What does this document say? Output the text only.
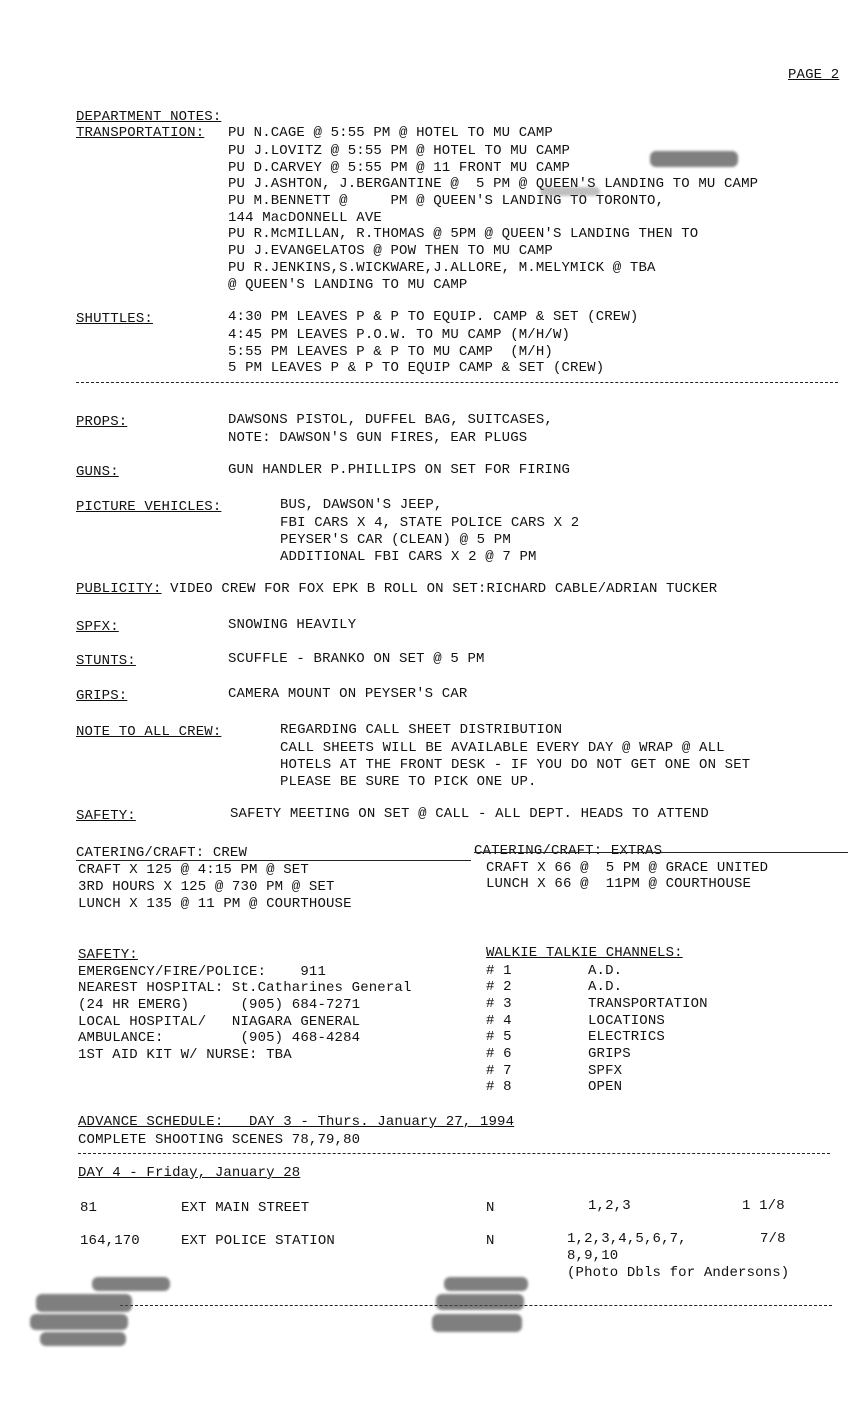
PAGE 2
DEPARTMENT NOTES:
TRANSPORTATION: PU N.CAGE @ 5:55 PM @ HOTEL TO MU CAMP
PU J.LOVITZ @ 5:55 PM @ HOTEL TO MU CAMP
PU D.CARVEY @ 5:55 PM @ 11 FRONT MU CAMP
PU J.ASHTON, J.BERGANTINE @  5 PM @ QUEEN'S LANDING TO MU CAMP
PU M.BENNETT @     PM @ QUEEN'S LANDING TO TORONTO,
144 MacDONNELL AVE
PU R.McMILLAN, R.THOMAS @ 5PM @ QUEEN'S LANDING THEN TO
PU J.EVANGELATOS @ POW THEN TO MU CAMP
PU R.JENKINS,S.WICKWARE,J.ALLORE, M.MELYMICK @ TBA
@ QUEEN'S LANDING TO MU CAMP
SHUTTLES:	4:30 PM LEAVES P & P TO EQUIP. CAMP & SET (CREW)
4:45 PM LEAVES P.O.W. TO MU CAMP (M/H/W)
5:55 PM LEAVES P & P TO MU CAMP  (M/H)
5 PM LEAVES P & P TO EQUIP CAMP & SET (CREW)
PROPS:	DAWSONS PISTOL, DUFFEL BAG, SUITCASES,
NOTE: DAWSON'S GUN FIRES, EAR PLUGS
GUNS:	GUN HANDLER P.PHILLIPS ON SET FOR FIRING
PICTURE VEHICLES:	BUS, DAWSON'S JEEP,
FBI CARS X 4, STATE POLICE CARS X 2
PEYSER'S CAR (CLEAN) @ 5 PM
ADDITIONAL FBI CARS X 2 @ 7 PM
PUBLICITY: VIDEO CREW FOR FOX EPK B ROLL ON SET:RICHARD CABLE/ADRIAN TUCKER
SPFX:	SNOWING HEAVILY
STUNTS:	SCUFFLE - BRANKO ON SET @ 5 PM
GRIPS:	CAMERA MOUNT ON PEYSER'S CAR
NOTE TO ALL CREW:	REGARDING CALL SHEET DISTRIBUTION
CALL SHEETS WILL BE AVAILABLE EVERY DAY @ WRAP @ ALL
HOTELS AT THE FRONT DESK - IF YOU DO NOT GET ONE ON SET
PLEASE BE SURE TO PICK ONE UP.
SAFETY:	SAFETY MEETING ON SET @ CALL - ALL DEPT. HEADS TO ATTEND
CATERING/CRAFT: CREW	CATERING/CRAFT: EXTRAS
CRAFT X 125 @ 4:15 PM @ SET
3RD HOURS X 125 @ 730 PM @ SET
LUNCH X 135 @ 11 PM @ COURTHOUSE
CRAFT X 66 @  5 PM @ GRACE UNITED
LUNCH X 66 @  11PM @ COURTHOUSE
SAFETY:
EMERGENCY/FIRE/POLICE:    911
NEAREST HOSPITAL: St.Catharines General
(24 HR EMERG)      (905) 684-7271
LOCAL HOSPITAL/   NIAGARA GENERAL
AMBULANCE:         (905) 468-4284
1ST AID KIT W/ NURSE: TBA
WALKIE TALKIE CHANNELS:
# 1	A.D.
# 2	A.D.
# 3	TRANSPORTATION
# 4	LOCATIONS
# 5	ELECTRICS
# 6	GRIPS
# 7	SPFX
# 8	OPEN
ADVANCE SCHEDULE:   DAY 3 - Thurs. January 27, 1994
COMPLETE SHOOTING SCENES 78,79,80
DAY 4 - Friday, January 28
81	EXT MAIN STREET	N	1,2,3	1 1/8
164,170	EXT POLICE STATION	N	1,2,3,4,5,6,7,	7/8
8,9,10
(Photo Dbls for Andersons)
